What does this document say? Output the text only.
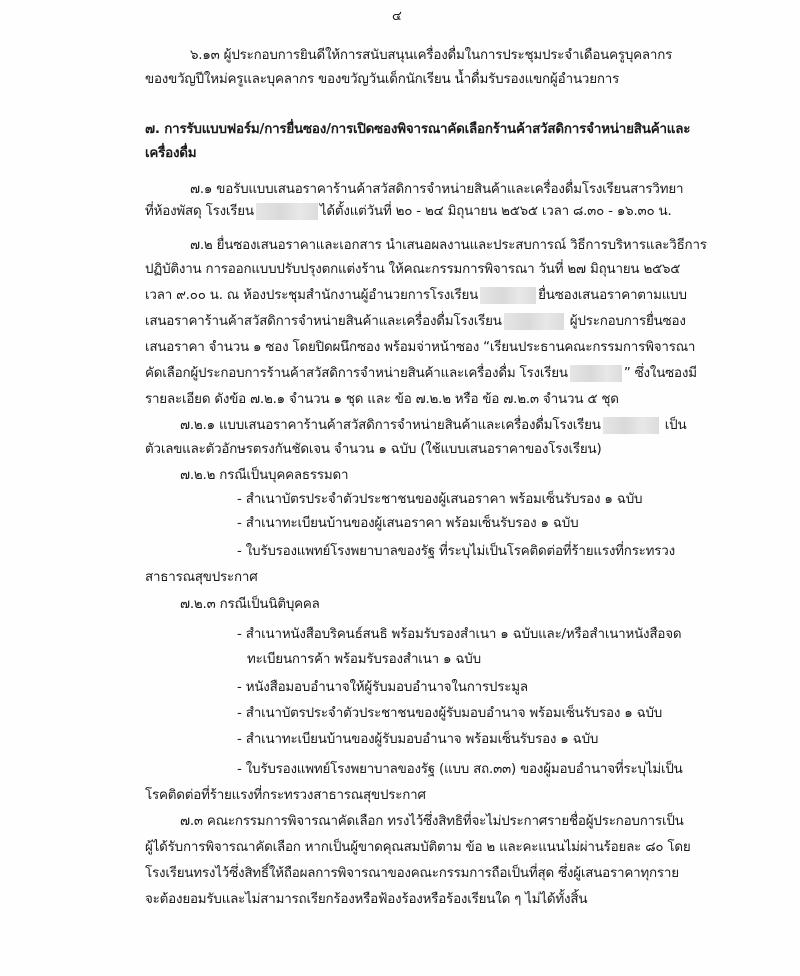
๔
๖.๑๓ ผู้ประกอบการยินดีให้การสนับสนุนเครื่องดื่มในการประชุมประจำเดือนครูบุคลากร
ของขวัญปีใหม่ครูและบุคลากร ของขวัญวันเด็กนักเรียน น้ำดื่มรับรองแขกผู้อำนวยการ
๗. การรับแบบฟอร์ม/การยื่นซอง/การเปิดซองพิจารณาคัดเลือกร้านค้าสวัสดิการจำหน่ายสินค้าและ
เครื่องดื่ม
๗.๑ ขอรับแบบเสนอราคาร้านค้าสวัสดิการจำหน่ายสินค้าและเครื่องดื่มโรงเรียนสารวิทยา
ที่ห้องพัสดุ โรงเรียน	ได้ตั้งแต่วันที่ ๒๐ - ๒๔ มิถุนายน ๒๕๖๕ เวลา ๘.๓๐ - ๑๖.๓๐ น.
๗.๒ ยื่นซองเสนอราคาและเอกสาร นำเสนอผลงานและประสบการณ์ วิธีการบริหารและวิธีการ
ปฏิบัติงาน การออกแบบปรับปรุงตกแต่งร้าน ให้คณะกรรมการพิจารณา วันที่ ๒๗ มิถุนายน ๒๕๖๕
เวลา ๙.๐๐ น. ณ ห้องประชุมสำนักงานผู้อำนวยการโรงเรียน	ยื่นซองเสนอราคาตามแบบ
เสนอราคาร้านค้าสวัสดิการจำหน่ายสินค้าและเครื่องดื่มโรงเรียน	ผู้ประกอบการยื่นซอง
เสนอราคา จำนวน ๑ ซอง โดยปิดผนึกซอง พร้อมจ่าหน้าซอง “เรียนประธานคณะกรรมการพิจารณา
คัดเลือกผู้ประกอบการร้านค้าสวัสดิการจำหน่ายสินค้าและเครื่องดื่ม โรงเรียน	” ซึ่งในซองมี
รายละเอียด ดังข้อ ๗.๒.๑ จำนวน ๑ ชุด และ ข้อ ๗.๒.๒ หรือ ข้อ ๗.๒.๓ จำนวน ๕ ชุด
๗.๒.๑ แบบเสนอราคาร้านค้าสวัสดิการจำหน่ายสินค้าและเครื่องดื่มโรงเรียน	เป็น
ตัวเลขและตัวอักษรตรงกันชัดเจน จำนวน ๑ ฉบับ (ใช้แบบเสนอราคาของโรงเรียน)
๗.๒.๒ กรณีเป็นบุคคลธรรมดา
- สำเนาบัตรประจำตัวประชาชนของผู้เสนอราคา พร้อมเซ็นรับรอง ๑ ฉบับ
- สำเนาทะเบียนบ้านของผู้เสนอราคา พร้อมเซ็นรับรอง ๑ ฉบับ
- ใบรับรองแพทย์โรงพยาบาลของรัฐ ที่ระบุไม่เป็นโรคติดต่อที่ร้ายแรงที่กระทรวง
สาธารณสุขประกาศ
๗.๒.๓ กรณีเป็นนิติบุคคล
- สำเนาหนังสือบริคนธ์สนธิ พร้อมรับรองสำเนา ๑ ฉบับและ/หรือสำเนาหนังสือจด
ทะเบียนการค้า พร้อมรับรองสำเนา ๑ ฉบับ
- หนังสือมอบอำนาจให้ผู้รับมอบอำนาจในการประมูล
- สำเนาบัตรประจำตัวประชาชนของผู้รับมอบอำนาจ พร้อมเซ็นรับรอง ๑ ฉบับ
- สำเนาทะเบียนบ้านของผู้รับมอบอำนาจ พร้อมเซ็นรับรอง ๑ ฉบับ
- ใบรับรองแพทย์โรงพยาบาลของรัฐ (แบบ สถ.๓๓) ของผู้มอบอำนาจที่ระบุไม่เป็น
โรคติดต่อที่ร้ายแรงที่กระทรวงสาธารณสุขประกาศ
๗.๓ คณะกรรมการพิจารณาคัดเลือก ทรงไว้ซึ่งสิทธิที่จะไม่ประกาศรายชื่อผู้ประกอบการเป็น
ผู้ได้รับการพิจารณาคัดเลือก หากเป็นผู้ขาดคุณสมบัติตาม ข้อ ๒ และคะแนนไม่ผ่านร้อยละ ๘๐ โดย
โรงเรียนทรงไว้ซึ่งสิทธิ์ให้ถือผลการพิจารณาของคณะกรรมการถือเป็นที่สุด ซึ่งผู้เสนอราคาทุกราย
จะต้องยอมรับและไม่สามารถเรียกร้องหรือฟ้องร้องหรือร้องเรียนใด ๆ ไม่ได้ทั้งสิ้น
